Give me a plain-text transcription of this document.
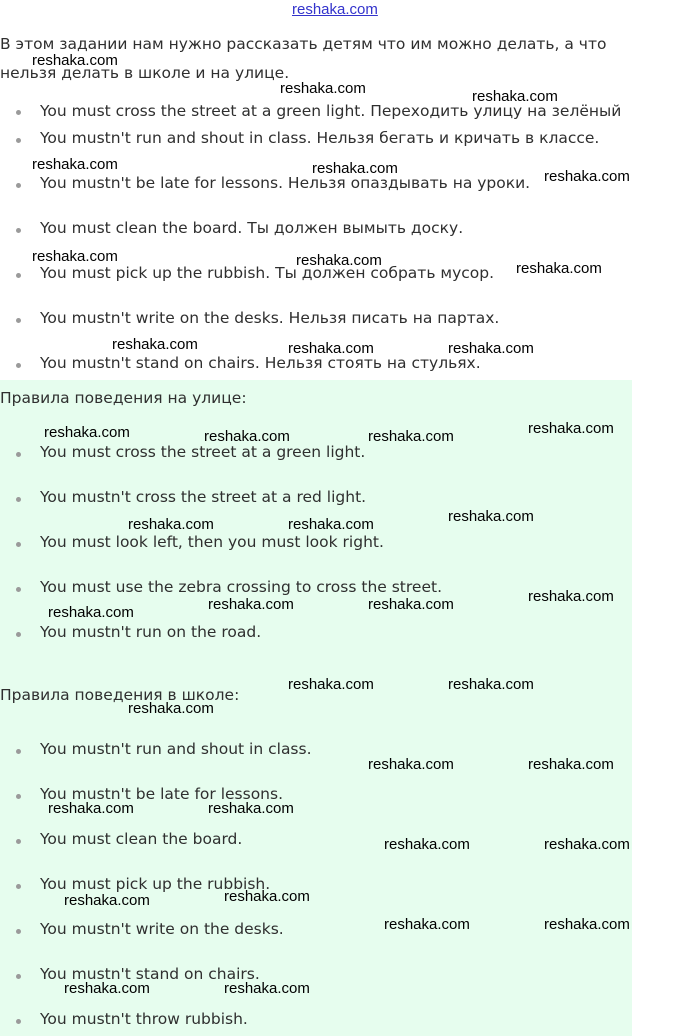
reshaka.com
В этом задании нам нужно рассказать детям что им можно делать, а что нельзя делать в школе и на улице.
You must cross the street at a green light. Переходить улицу на зелёный
You mustn't run and shout in class. Нельзя бегать и кричать в классе.
You mustn't be late for lessons. Нельзя опаздывать на уроки.
You must clean the board. Ты должен вымыть доску.
You must pick up the rubbish. Ты должен собрать мусор.
You mustn't write on the desks. Нельзя писать на партах.
You mustn't stand on chairs. Нельзя стоять на стульях.
Правила поведения на улице:
You must cross the street at a green light.
You mustn't cross the street at a red light.
You must look left, then you must look right.
You must use the zebra crossing to cross the street.
You mustn't run on the road.
Правила поведения в школе:
You mustn't run and shout in class.
You mustn't be late for lessons.
You must clean the board.
You must pick up the rubbish.
You mustn't write on the desks.
You mustn't stand on chairs.
You mustn't throw rubbish.
reshaka.com
reshaka.com	reshaka.com
reshaka.com	reshaka.com	reshaka.com
reshaka.com	reshaka.com	reshaka.com
reshaka.com	reshaka.com	reshaka.com
reshaka.com	reshaka.com	reshaka.com	reshaka.com
reshaka.com	reshaka.com	reshaka.com
reshaka.com	reshaka.com	reshaka.com	reshaka.com
reshaka.com	reshaka.com
reshaka.com
reshaka.com	reshaka.com
reshaka.com	reshaka.com
reshaka.com	reshaka.com
reshaka.com	reshaka.com
reshaka.com	reshaka.com
reshaka.com	reshaka.com
